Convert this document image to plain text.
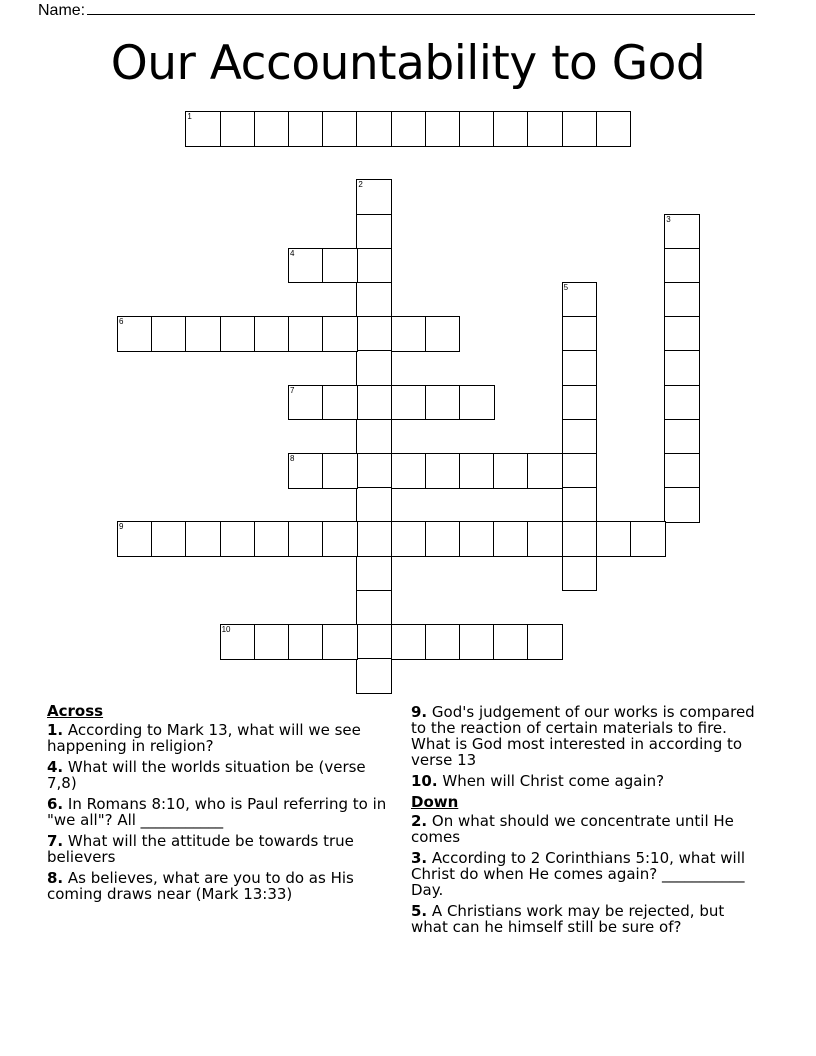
Name:
Our Accountability to God
1
2
3
4
5
6
7
8
9
10
Across
1. According to Mark 13, what will we see happening in religion?
4. What will the worlds situation be (verse 7,8)
6. In Romans 8:10, who is Paul referring to in "we all"? All ___________
7. What will the attitude be towards true believers
8. As believes, what are you to do as His coming draws near (Mark 13:33)
9. God's judgement of our works is compared to the reaction of certain materials to fire. What is God most interested in according to verse 13
10. When will Christ come again?
Down
2. On what should we concentrate until He comes
3. According to 2 Corinthians 5:10, what will Christ do when He comes again? ___________ Day.
5. A Christians work may be rejected, but what can he himself still be sure of?
